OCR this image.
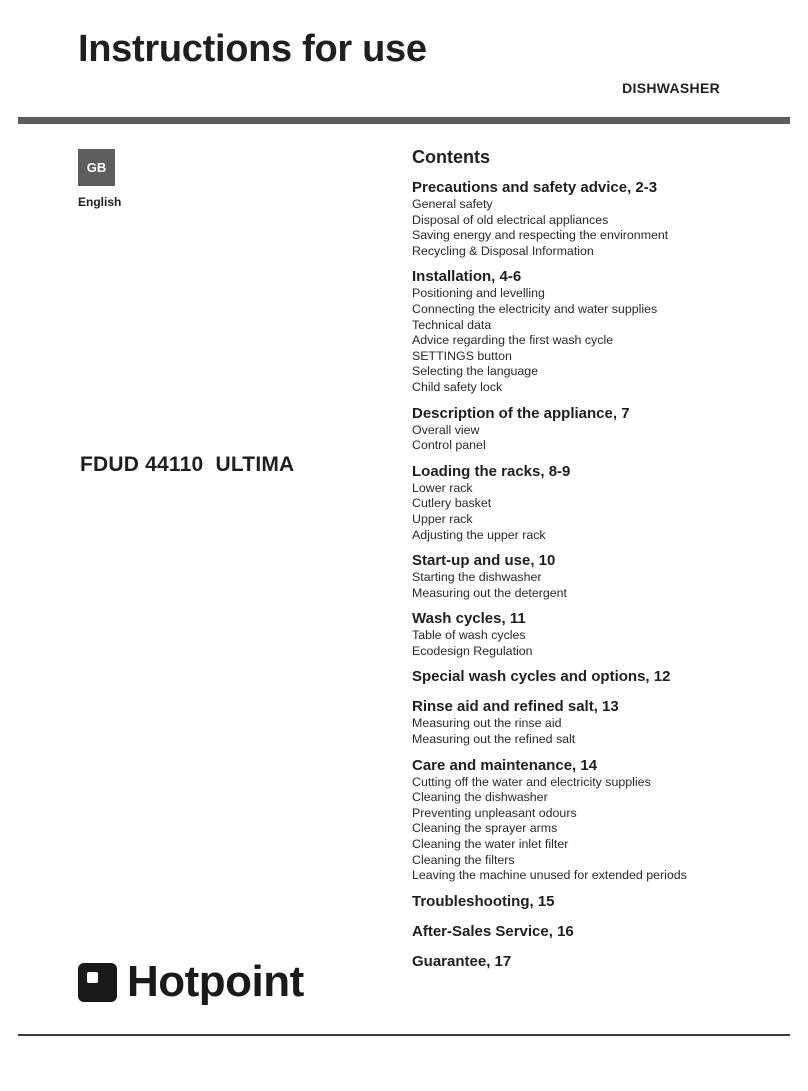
Instructions for use
DISHWASHER
GB
English
FDUD 44110  ULTIMA
Hotpoint
Contents
Precautions and safety advice, 2-3
General safety
Disposal of old electrical appliances
Saving energy and respecting the environment
Recycling & Disposal Information
Installation, 4-6
Positioning and levelling
Connecting the electricity and water supplies
Technical data
Advice regarding the first wash cycle
SETTINGS button
Selecting the language
Child safety lock
Description of the appliance, 7
Overall view
Control panel
Loading the racks, 8-9
Lower rack
Cutlery basket
Upper rack
Adjusting the upper rack
Start-up and use, 10
Starting the dishwasher
Measuring out the detergent
Wash cycles, 11
Table of wash cycles
Ecodesign Regulation
Special wash cycles and options, 12
Rinse aid and refined salt, 13
Measuring out the rinse aid
Measuring out the refined salt
Care and maintenance, 14
Cutting off the water and electricity supplies
Cleaning the dishwasher
Preventing unpleasant odours
Cleaning the sprayer arms
Cleaning the water inlet filter
Cleaning the filters
Leaving the machine unused for extended periods
Troubleshooting, 15
After-Sales Service, 16
Guarantee, 17
